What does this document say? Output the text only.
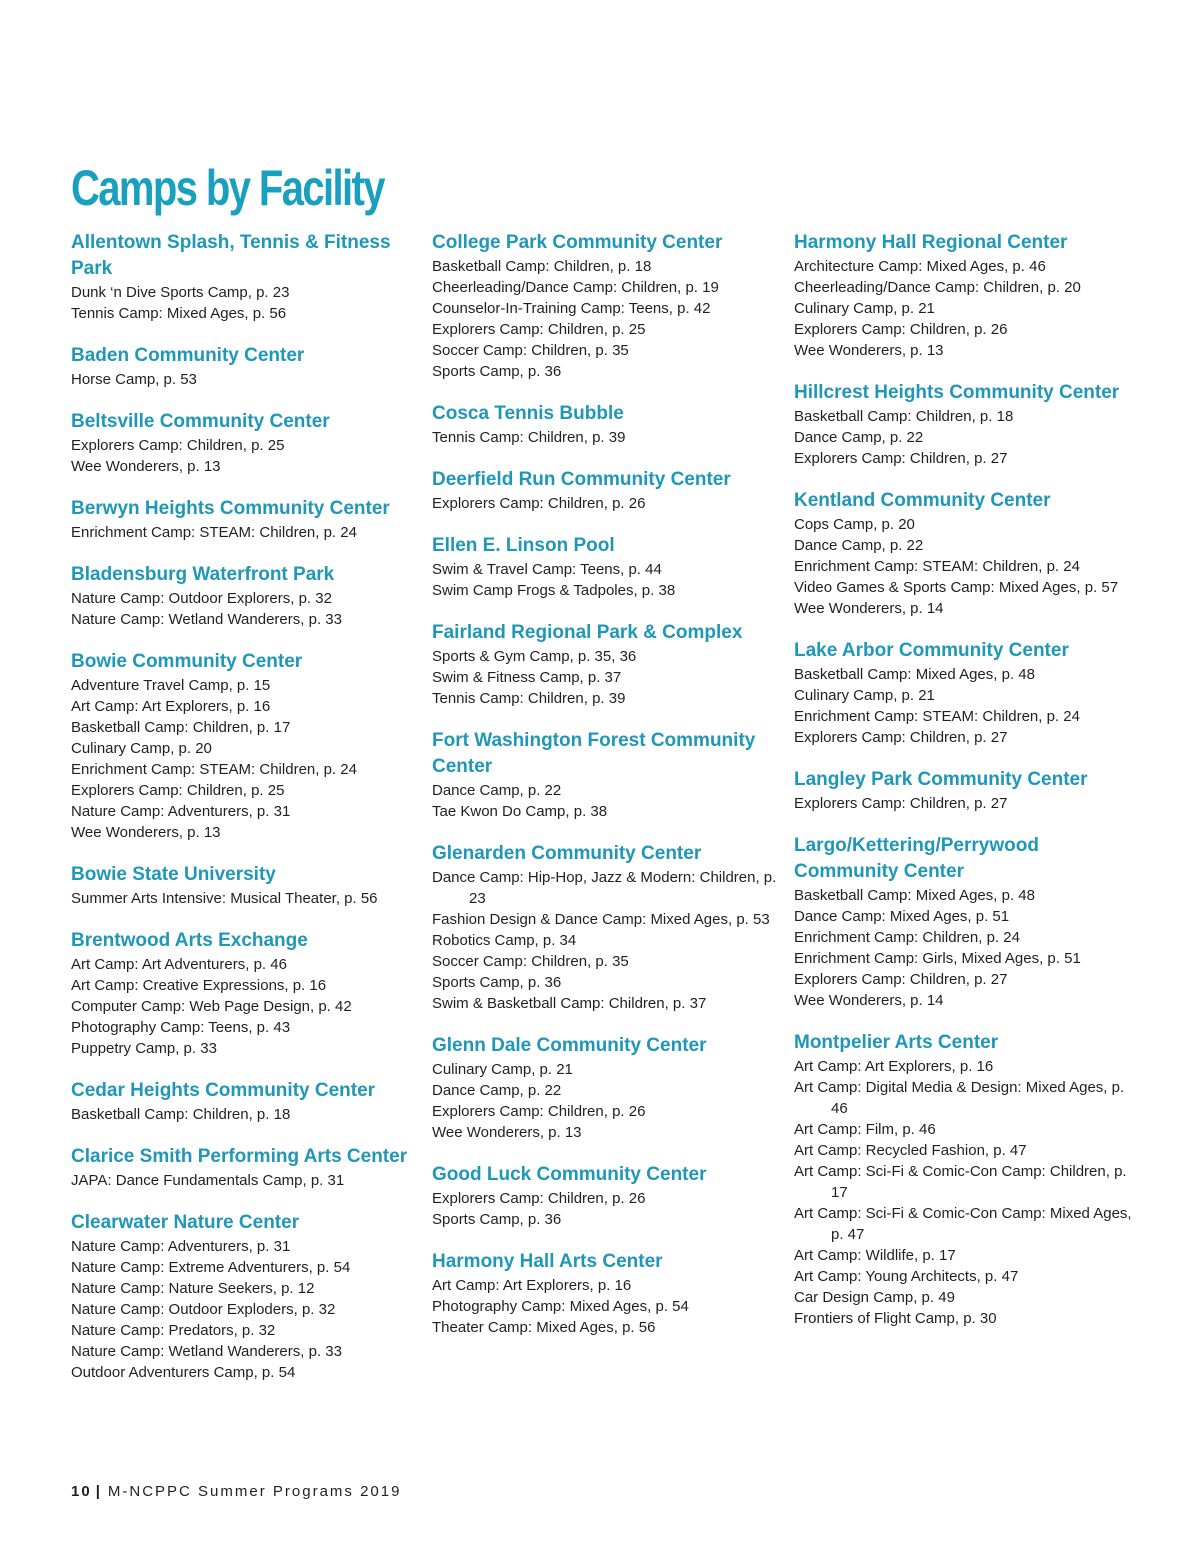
Camps by Facility
Allentown Splash, Tennis & Fitness Park
Dunk ‘n Dive Sports Camp, p. 23
Tennis Camp: Mixed Ages, p. 56
Baden Community Center
Horse Camp, p. 53
Beltsville Community Center
Explorers Camp: Children, p. 25
Wee Wonderers, p. 13
Berwyn Heights Community Center
Enrichment Camp: STEAM: Children, p. 24
Bladensburg Waterfront Park
Nature Camp: Outdoor Explorers, p. 32
Nature Camp: Wetland Wanderers, p. 33
Bowie Community Center
Adventure Travel Camp, p. 15
Art Camp: Art Explorers, p. 16
Basketball Camp: Children, p. 17
Culinary Camp, p. 20
Enrichment Camp: STEAM: Children, p. 24
Explorers Camp: Children, p. 25
Nature Camp: Adventurers, p. 31
Wee Wonderers, p. 13
Bowie State University
Summer Arts Intensive: Musical Theater, p. 56
Brentwood Arts Exchange
Art Camp: Art Adventurers, p. 46
Art Camp: Creative Expressions, p. 16
Computer Camp: Web Page Design, p. 42
Photography Camp: Teens, p. 43
Puppetry Camp, p. 33
Cedar Heights Community Center
Basketball Camp: Children, p. 18
Clarice Smith Performing Arts Center
JAPA: Dance Fundamentals Camp, p. 31
Clearwater Nature Center
Nature Camp: Adventurers, p. 31
Nature Camp: Extreme Adventurers, p. 54
Nature Camp: Nature Seekers, p. 12
Nature Camp: Outdoor Exploders, p. 32
Nature Camp: Predators, p. 32
Nature Camp: Wetland Wanderers, p. 33
Outdoor Adventurers Camp, p. 54
College Park Community Center
Basketball Camp: Children, p. 18
Cheerleading/Dance Camp: Children, p. 19
Counselor-In-Training Camp: Teens, p. 42
Explorers Camp: Children, p. 25
Soccer Camp: Children, p. 35
Sports Camp, p. 36
Cosca Tennis Bubble
Tennis Camp: Children, p. 39
Deerfield Run Community Center
Explorers Camp: Children, p. 26
Ellen E. Linson Pool
Swim & Travel Camp: Teens, p. 44
Swim Camp Frogs & Tadpoles, p. 38
Fairland Regional Park & Complex
Sports & Gym Camp, p. 35, 36
Swim & Fitness Camp, p. 37
Tennis Camp: Children, p. 39
Fort Washington Forest Community Center
Dance Camp, p. 22
Tae Kwon Do Camp, p. 38
Glenarden Community Center
Dance Camp: Hip-Hop, Jazz & Modern: Children, p. 23
Fashion Design & Dance Camp: Mixed Ages, p. 53
Robotics Camp, p. 34
Soccer Camp: Children, p. 35
Sports Camp, p. 36
Swim & Basketball Camp: Children, p. 37
Glenn Dale Community Center
Culinary Camp, p. 21
Dance Camp, p. 22
Explorers Camp: Children, p. 26
Wee Wonderers, p. 13
Good Luck Community Center
Explorers Camp: Children, p. 26
Sports Camp, p. 36
Harmony Hall Arts Center
Art Camp: Art Explorers, p. 16
Photography Camp: Mixed Ages, p. 54
Theater Camp: Mixed Ages, p. 56
Harmony Hall Regional Center
Architecture Camp: Mixed Ages, p. 46
Cheerleading/Dance Camp: Children, p. 20
Culinary Camp, p. 21
Explorers Camp: Children, p. 26
Wee Wonderers, p. 13
Hillcrest Heights Community Center
Basketball Camp: Children, p. 18
Dance Camp, p. 22
Explorers Camp: Children, p. 27
Kentland Community Center
Cops Camp, p. 20
Dance Camp, p. 22
Enrichment Camp: STEAM: Children, p. 24
Video Games & Sports Camp: Mixed Ages, p. 57
Wee Wonderers, p. 14
Lake Arbor Community Center
Basketball Camp: Mixed Ages, p. 48
Culinary Camp, p. 21
Enrichment Camp: STEAM: Children, p. 24
Explorers Camp: Children, p. 27
Langley Park Community Center
Explorers Camp: Children, p. 27
Largo/Kettering/Perrywood Community Center
Basketball Camp: Mixed Ages, p. 48
Dance Camp: Mixed Ages, p. 51
Enrichment Camp: Children, p. 24
Enrichment Camp: Girls, Mixed Ages, p. 51
Explorers Camp: Children, p. 27
Wee Wonderers, p. 14
Montpelier Arts Center
Art Camp: Art Explorers, p. 16
Art Camp: Digital Media & Design: Mixed Ages, p. 46
Art Camp: Film, p. 46
Art Camp: Recycled Fashion, p. 47
Art Camp: Sci-Fi & Comic-Con Camp: Children, p. 17
Art Camp: Sci-Fi & Comic-Con Camp: Mixed Ages, p. 47
Art Camp: Wildlife, p. 17
Art Camp: Young Architects, p. 47
Car Design Camp, p. 49
Frontiers of Flight Camp, p. 30
10 | M-NCPPC Summer Programs 2019
